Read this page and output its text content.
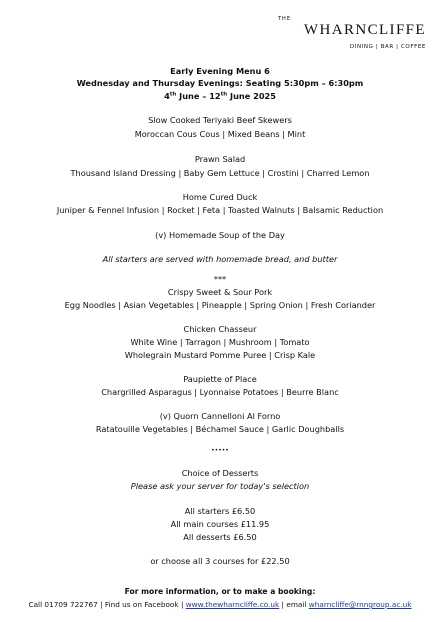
THE
WHARNCLIFFE
DINING | BAR | COFFEE
Early Evening Menu 6
Wednesday and Thursday Evenings: Seating 5:30pm – 6:30pm
4th June – 12th June 2025
Slow Cooked Teriyaki Beef Skewers
Moroccan Cous Cous | Mixed Beans | Mint
Prawn Salad
Thousand Island Dressing | Baby Gem Lettuce | Crostini | Charred Lemon
Home Cured Duck
Juniper & Fennel Infusion | Rocket | Feta | Toasted Walnuts | Balsamic Reduction
(v) Homemade Soup of the Day
All starters are served with homemade bread, and butter
***
Crispy Sweet & Sour Pork
Egg Noodles | Asian Vegetables | Pineapple | Spring Onion | Fresh Coriander
Chicken Chasseur
White Wine | Tarragon | Mushroom | Tomato
Wholegrain Mustard Pomme Puree | Crisp Kale
Paupiette of Place
Chargrilled Asparagus | Lyonnaise Potatoes | Beurre Blanc
(v) Quorn Cannelloni Al Forno
Ratatouille Vegetables | Béchamel Sauce | Garlic Doughballs
•••••
Choice of Desserts
Please ask your server for today's selection
All starters £6.50
All main courses £11.95
All desserts £6.50
or choose all 3 courses for £22.50
For more information, or to make a booking:
Call 01709 722767 | Find us on Facebook | www.thewharncliffe.co.uk | email wharncliffe@rnngroup.ac.uk
